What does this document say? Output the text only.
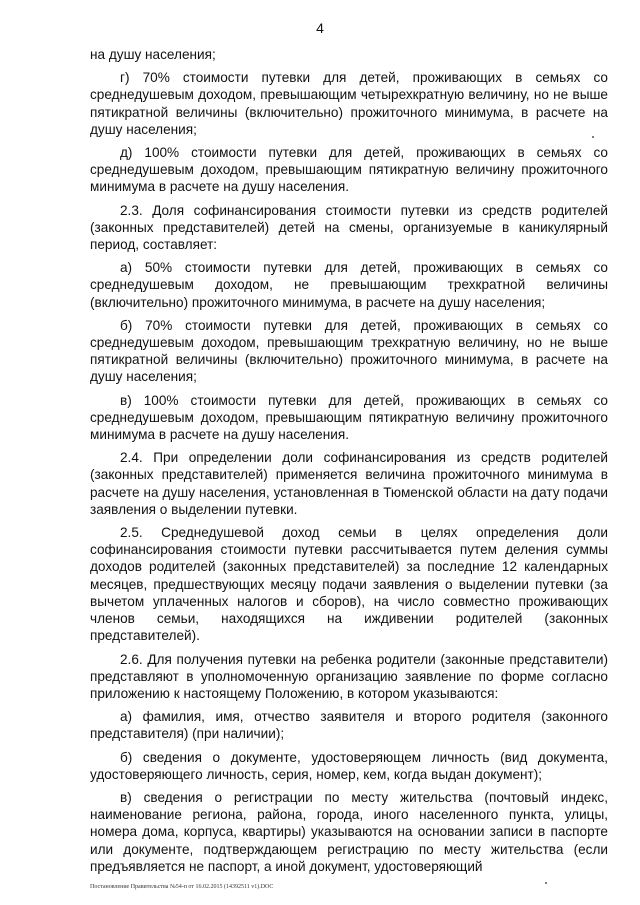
4

на душу населения;

г) 70% стоимости путевки для детей, проживающих в семьях со среднедушевым доходом, превышающим четырехкратную величину, но не выше пятикратной величины (включительно) прожиточного минимума, в расчете на душу населения;

д) 100% стоимости путевки для детей, проживающих в семьях со среднедушевым доходом, превышающим пятикратную величину прожиточного минимума в расчете на душу населения.

2.3. Доля софинансирования стоимости путевки из средств родителей (законных представителей) детей на смены, организуемые в каникулярный период, составляет:

а) 50% стоимости путевки для детей, проживающих в семьях со среднедушевым доходом, не превышающим трехкратной величины (включительно) прожиточного минимума, в расчете на душу населения;

б) 70% стоимости путевки для детей, проживающих в семьях со среднедушевым доходом, превышающим трехкратную величину, но не выше пятикратной величины (включительно) прожиточного минимума, в расчете на душу населения;

в) 100% стоимости путевки для детей, проживающих в семьях со среднедушевым доходом, превышающим пятикратную величину прожиточного минимума в расчете на душу населения.

2.4. При определении доли софинансирования из средств родителей (законных представителей) применяется величина прожиточного минимума в расчете на душу населения, установленная в Тюменской области на дату подачи заявления о выделении путевки.

2.5. Среднедушевой доход семьи в целях определения доли софинансирования стоимости путевки рассчитывается путем деления суммы доходов родителей (законных представителей) за последние 12 календарных месяцев, предшествующих месяцу подачи заявления о выделении путевки (за вычетом уплаченных налогов и сборов), на число совместно проживающих членов семьи, находящихся на иждивении родителей (законных представителей).

2.6. Для получения путевки на ребенка родители (законные представители) представляют в уполномоченную организацию заявление по форме согласно приложению к настоящему Положению, в котором указываются:

а) фамилия, имя, отчество заявителя и второго родителя (законного представителя) (при наличии);

б) сведения о документе, удостоверяющем личность (вид документа, удостоверяющего личность, серия, номер, кем, когда выдан документ);

в) сведения о регистрации по месту жительства (почтовый индекс, наименование региона, района, города, иного населенного пункта, улицы, номера дома, корпуса, квартиры) указываются на основании записи в паспорте или документе, подтверждающем регистрацию по месту жительства (если предъявляется не паспорт, а иной документ, удостоверяющий

Постановление Правительства №54-п от 16.02.2015 (14392511 v1).DOC
